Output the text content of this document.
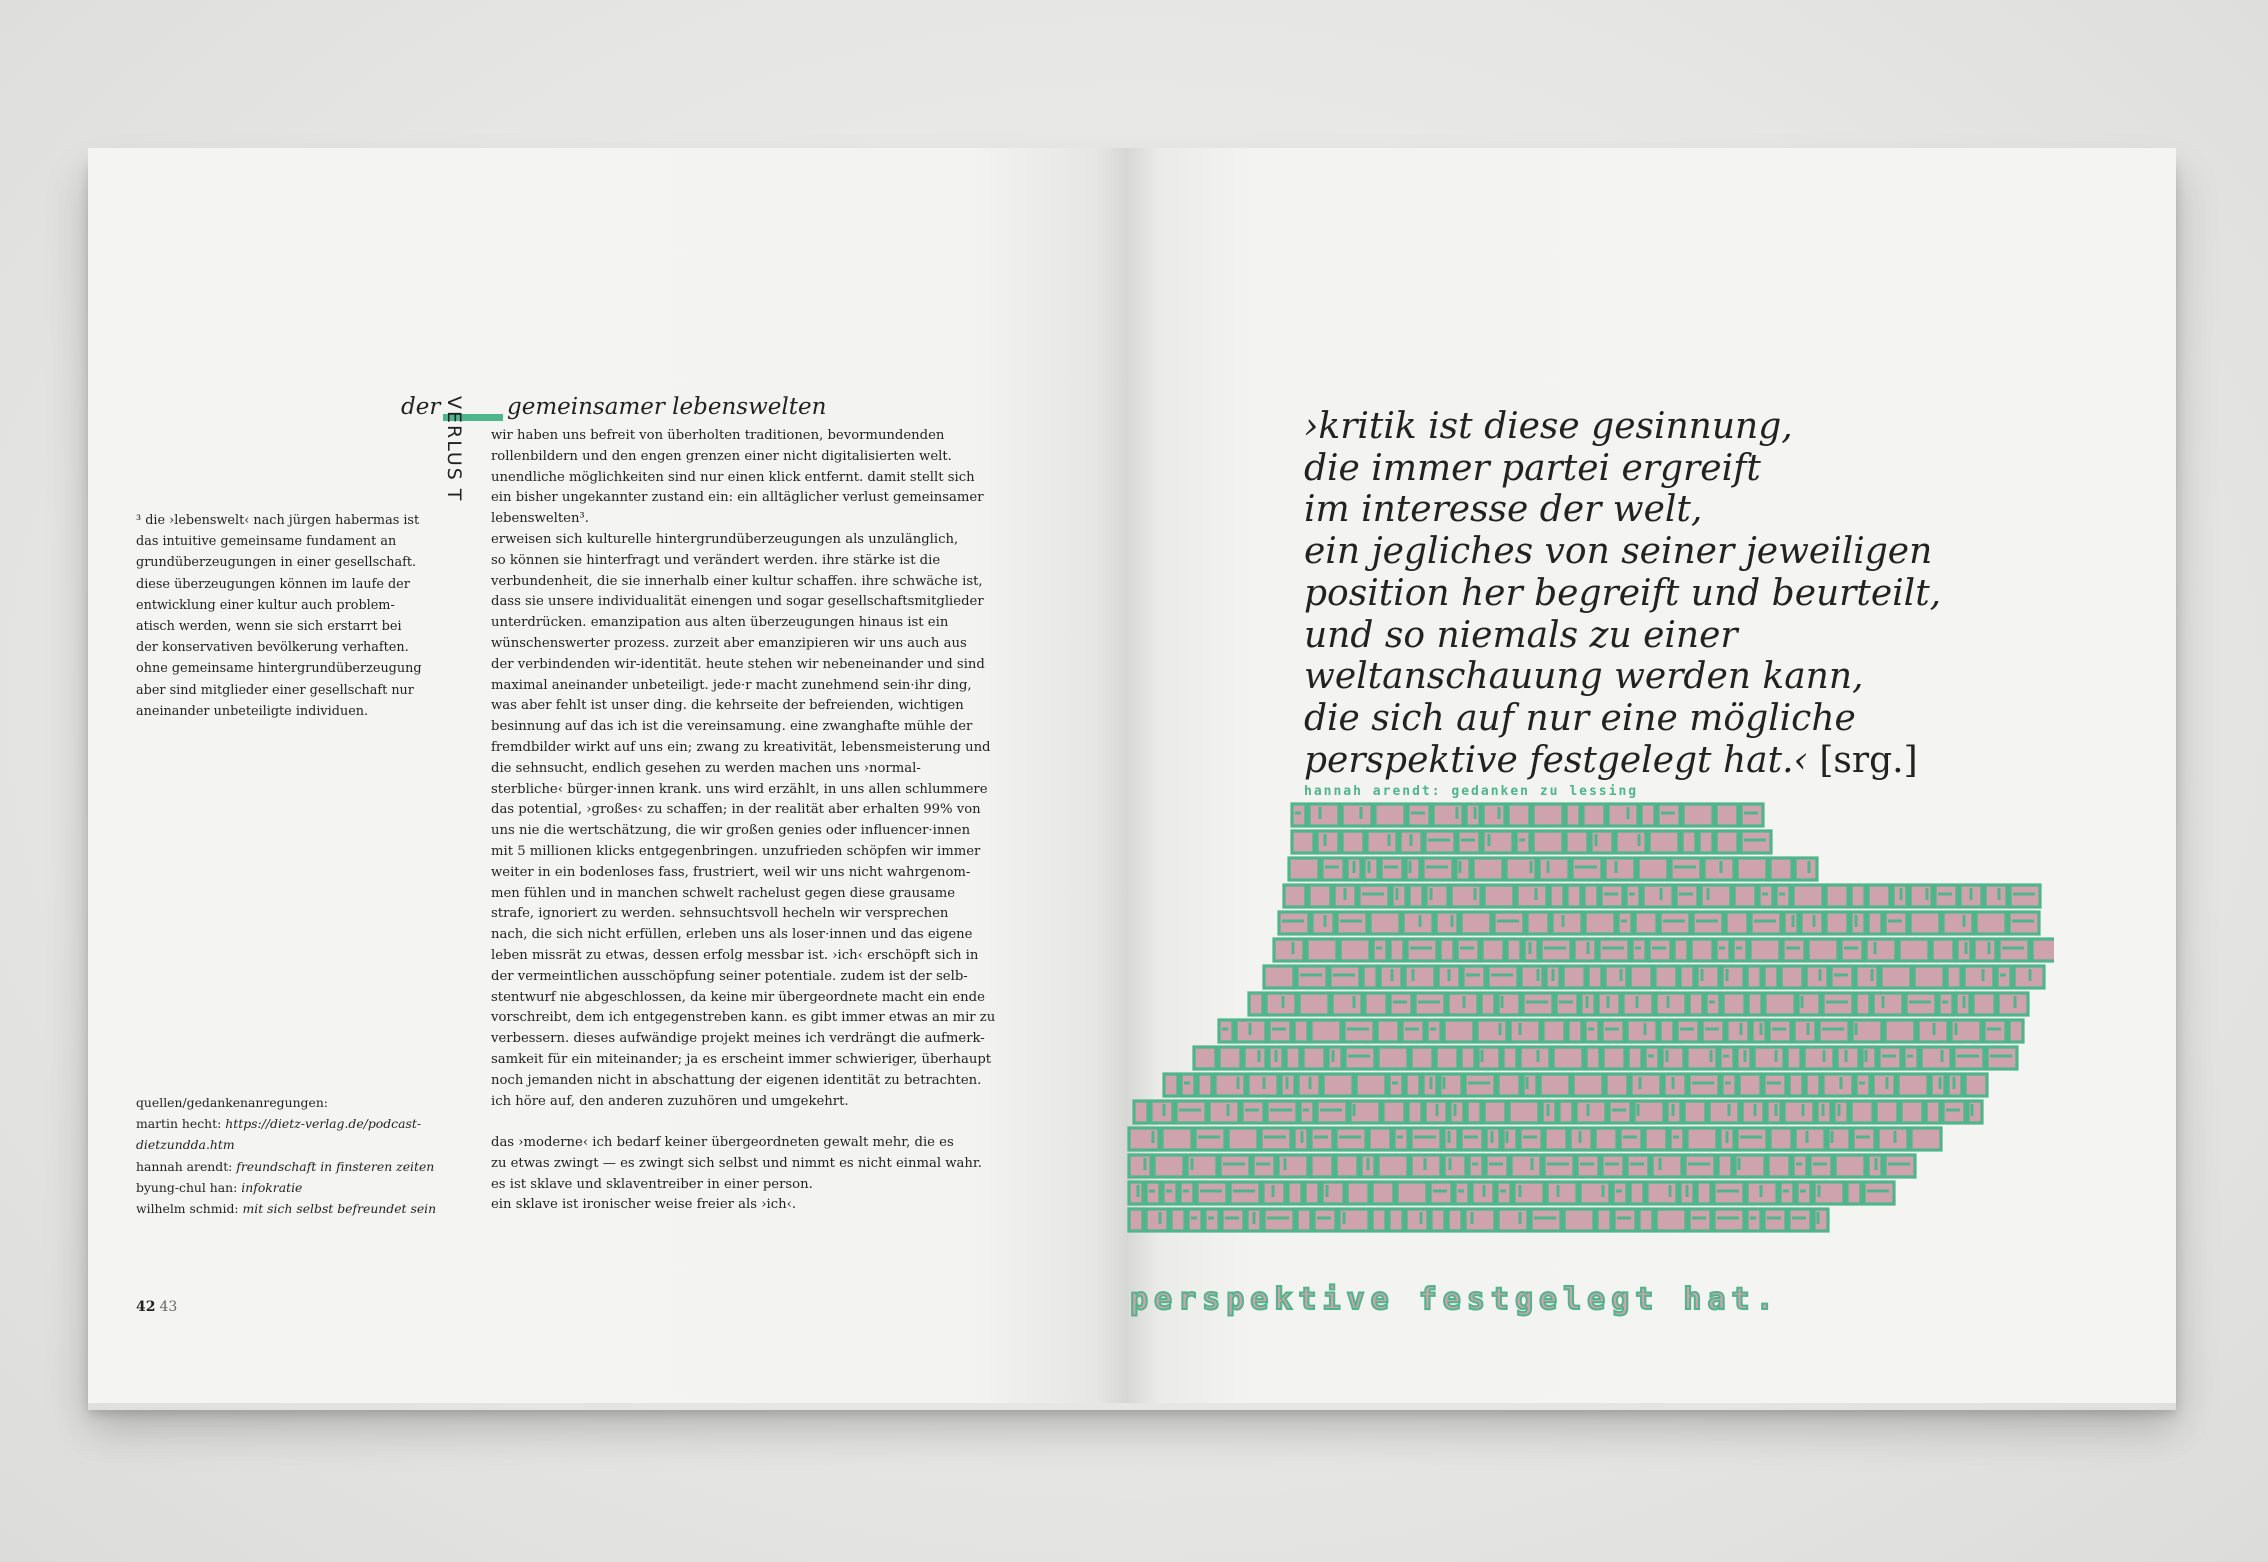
der VERLUST
gemeinsamer lebenswelten
³ die ›lebenswelt‹ nach jürgen habermas ist
das intuitive gemeinsame fundament an
grundüberzeugungen in einer gesellschaft.
diese überzeugungen können im laufe der
entwicklung einer kultur auch problem-
atisch werden, wenn sie sich erstarrt bei
der konservativen bevölkerung verhaften.
ohne gemeinsame hintergrundüberzeugung
aber sind mitglieder einer gesellschaft nur
aneinander unbeteiligte individuen.
wir haben uns befreit von überholten traditionen, bevormundenden
rollenbildern und den engen grenzen einer nicht digitalisierten welt.
unendliche möglichkeiten sind nur einen klick entfernt. damit stellt sich
ein bisher ungekannter zustand ein: ein alltäglicher verlust gemeinsamer
lebenswelten³.
erweisen sich kulturelle hintergrundüberzeugungen als unzulänglich,
so können sie hinterfragt und verändert werden. ihre stärke ist die
verbundenheit, die sie innerhalb einer kultur schaffen. ihre schwäche ist,
dass sie unsere individualität einengen und sogar gesellschaftsmitglieder
unterdrücken. emanzipation aus alten überzeugungen hinaus ist ein
wünschenswerter prozess. zurzeit aber emanzipieren wir uns auch aus
der verbindenden wir-identität. heute stehen wir nebeneinander und sind
maximal aneinander unbeteiligt. jede·r macht zunehmend sein·ihr ding,
was aber fehlt ist unser ding. die kehrseite der befreienden, wichtigen
besinnung auf das ich ist die vereinsamung. eine zwanghafte mühle der
fremdbilder wirkt auf uns ein; zwang zu kreativität, lebensmeisterung und
die sehnsucht, endlich gesehen zu werden machen uns ›normal-
sterbliche‹ bürger·innen krank. uns wird erzählt, in uns allen schlummere
das potential, ›großes‹ zu schaffen; in der realität aber erhalten 99% von
uns nie die wertschätzung, die wir großen genies oder influencer·innen
mit 5 millionen klicks entgegenbringen. unzufrieden schöpfen wir immer
weiter in ein bodenloses fass, frustriert, weil wir uns nicht wahrgenom-
men fühlen und in manchen schwelt rachelust gegen diese grausame
strafe, ignoriert zu werden. sehnsuchtsvoll hecheln wir versprechen
nach, die sich nicht erfüllen, erleben uns als loser·innen und das eigene
leben missrät zu etwas, dessen erfolg messbar ist. ›ich‹ erschöpft sich in
der vermeintlichen ausschöpfung seiner potentiale. zudem ist der selb-
stentwurf nie abgeschlossen, da keine mir übergeordnete macht ein ende
vorschreibt, dem ich entgegenstreben kann. es gibt immer etwas an mir zu
verbessern. dieses aufwändige projekt meines ich verdrängt die aufmerk-
samkeit für ein miteinander; ja es erscheint immer schwieriger, überhaupt
noch jemanden nicht in abschattung der eigenen identität zu betrachten.
ich höre auf, den anderen zuzuhören und umgekehrt.
das ›moderne‹ ich bedarf keiner übergeordneten gewalt mehr, die es
zu etwas zwingt — es zwingt sich selbst und nimmt es nicht einmal wahr.
es ist sklave und sklaventreiber in einer person.
ein sklave ist ironischer weise freier als ›ich‹.
quellen/gedankenanregungen:
martin hecht: https://dietz-verlag.de/podcast-
dietzundda.htm
hannah arendt: freundschaft in finsteren zeiten
byung-chul han: infokratie
wilhelm schmid: mit sich selbst befreundet sein
42 43
›kritik ist diese gesinnung,
die immer partei ergreift
im interesse der welt,
ein jegliches von seiner jeweiligen
position her begreift und beurteilt,
und so niemals zu einer
weltanschauung werden kann,
die sich auf nur eine mögliche
perspektive festgelegt hat.‹ [srg.]
hannah arendt: gedanken zu lessing
perspektive festgelegt hat.
